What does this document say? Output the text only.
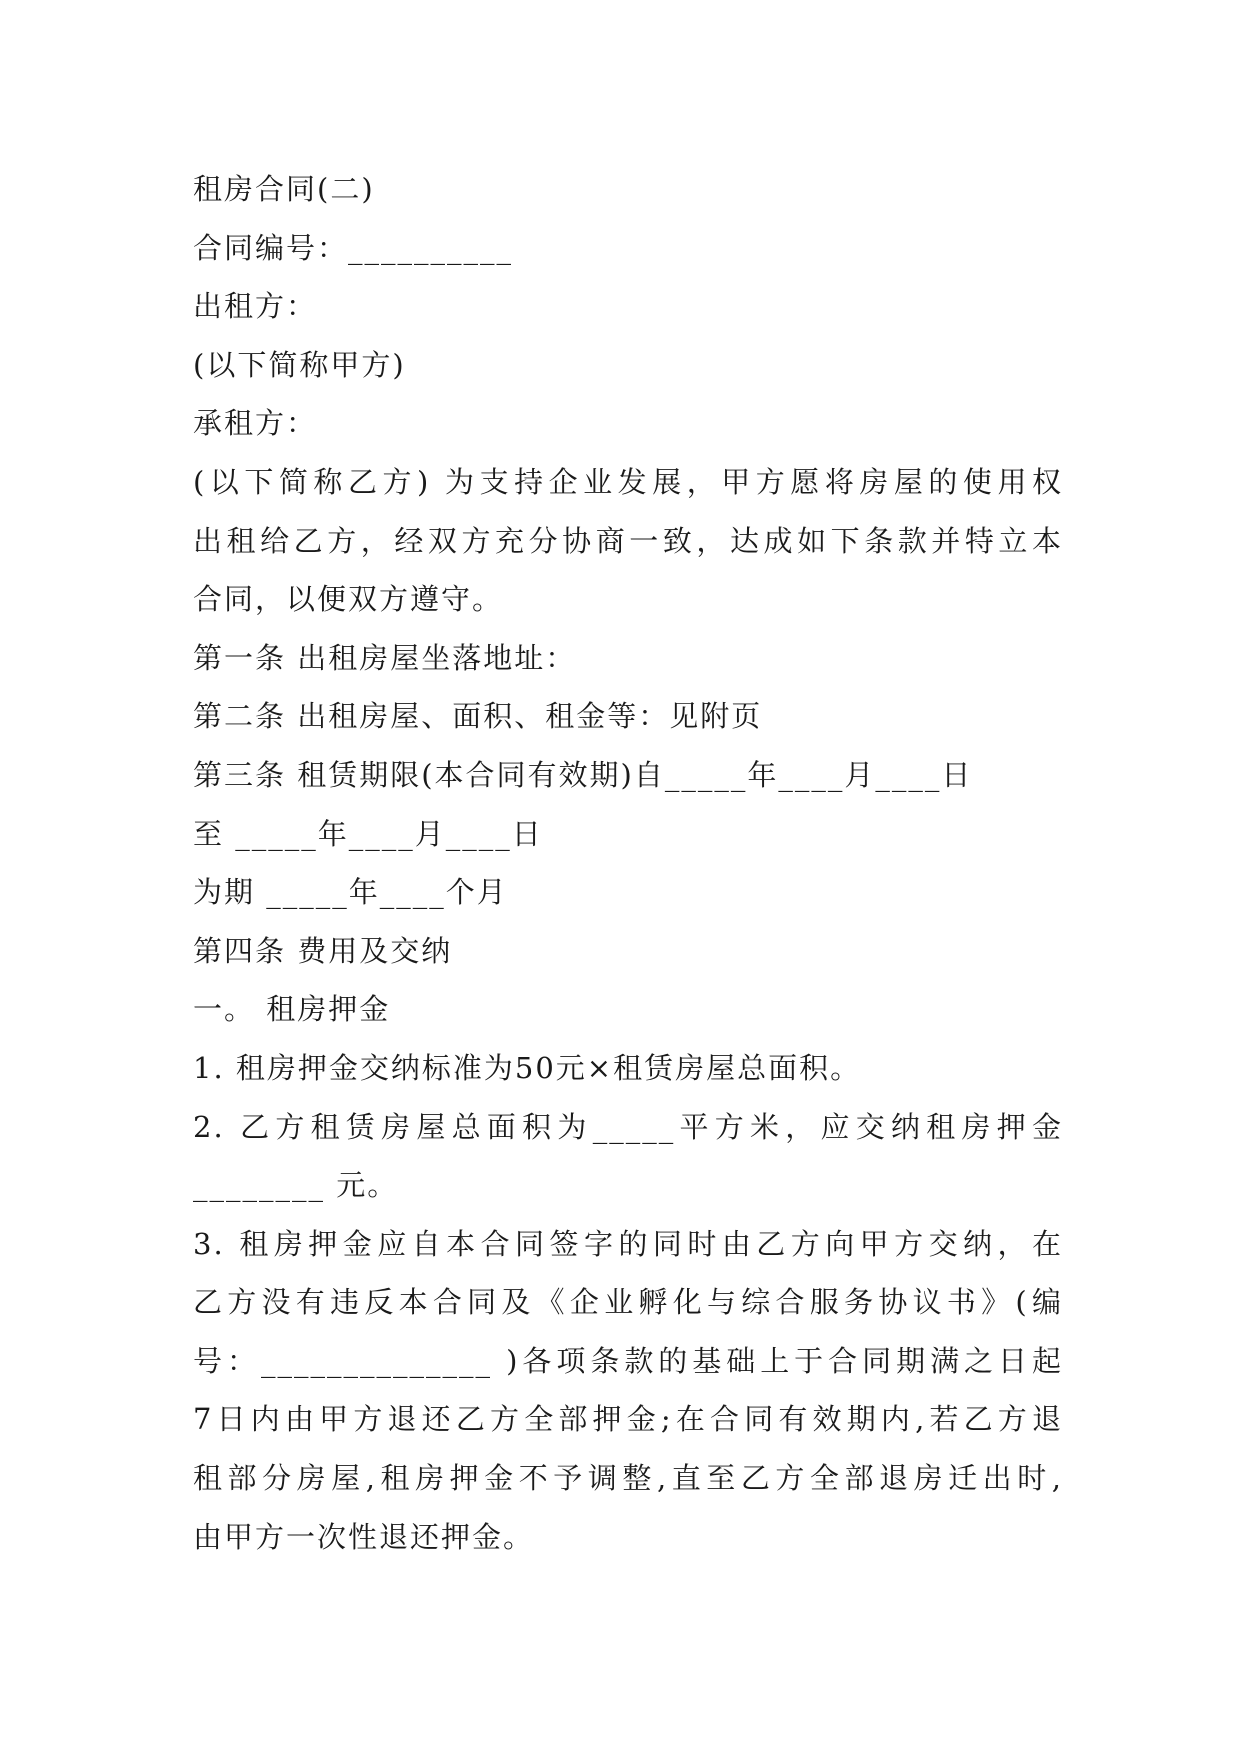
租房合同(二)
合同编号：__________
出租方：
(以下简称甲方)
承租方：
(以下简称乙方) 为支持企业发展，甲方愿将房屋的使用权
出租给乙方，经双方充分协商一致，达成如下条款并特立本
合同，以便双方遵守。
第一条 出租房屋坐落地址：
第二条 出租房屋、面积、租金等：见附页
第三条 租赁期限(本合同有效期)自_____年____月____日
至 _____年____月____日
为期 _____年____个月
第四条 费用及交纳
一。 租房押金
1. 租房押金交纳标准为50元×租赁房屋总面积。
2. 乙方租赁房屋总面积为_____平方米，应交纳租房押金
________ 元。
3. 租房押金应自本合同签字的同时由乙方向甲方交纳，在
乙方没有违反本合同及《企业孵化与综合服务协议书》(编
号：______________ )各项条款的基础上于合同期满之日起
7日内由甲方退还乙方全部押金;在合同有效期内,若乙方退
租部分房屋,租房押金不予调整,直至乙方全部退房迁出时,
由甲方一次性退还押金。
